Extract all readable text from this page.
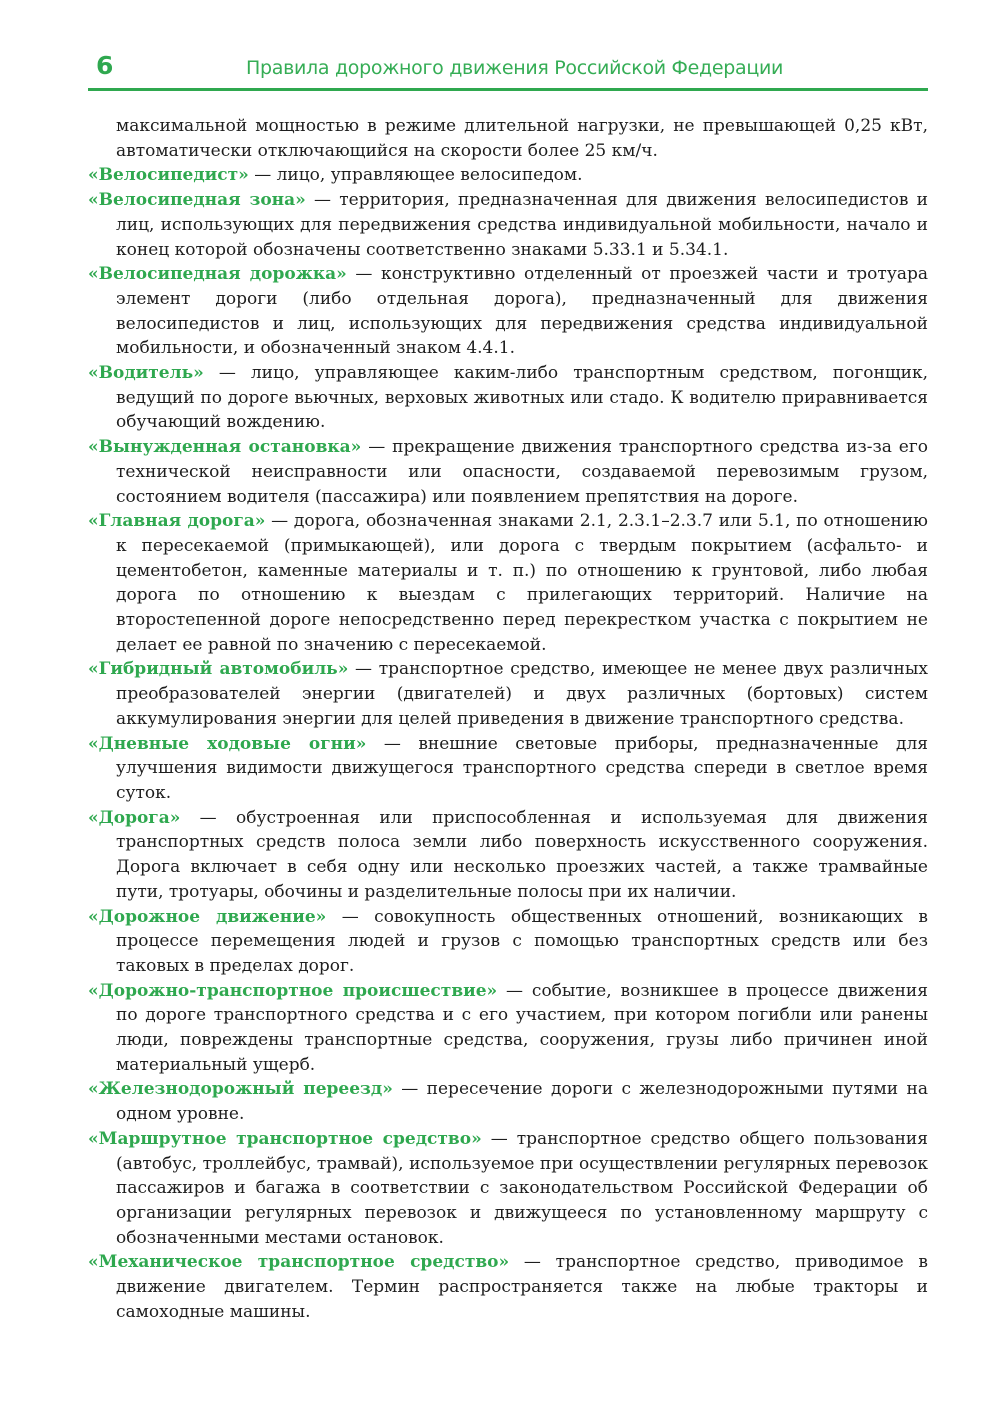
6	Правила дорожного движения Российской Федерации

максимальной мощностью в режиме длительной нагрузки, не превышающей 0,25 кВт, автоматически отключающийся на скорости более 25 км/ч.

«Велосипедист» — лицо, управляющее велосипедом.

«Велосипедная зона» — территория, предназначенная для движения велосипедистов и лиц, использующих для передвижения средства индивидуальной мобильности, начало и конец которой обозначены соответственно знаками 5.33.1 и 5.34.1.

«Велосипедная дорожка» — конструктивно отделенный от проезжей части и тротуара элемент дороги (либо отдельная дорога), предназначенный для движения велосипедистов и лиц, использующих для передвижения средства индивидуальной мобильности, и обозначенный знаком 4.4.1.

«Водитель» — лицо, управляющее каким-либо транспортным средством, погонщик, ведущий по дороге вьючных, верховых животных или стадо. К водителю приравнивается обучающий вождению.

«Вынужденная остановка» — прекращение движения транспортного средства из-за его технической неисправности или опасности, создаваемой перевозимым грузом, состоянием водителя (пассажира) или появлением препятствия на дороге.

«Главная дорога» — дорога, обозначенная знаками 2.1, 2.3.1–2.3.7 или 5.1, по отношению к пересекаемой (примыкающей), или дорога с твердым покрытием (асфальто- и цементобетон, каменные материалы и т. п.) по отношению к грунтовой, либо любая дорога по отношению к выездам с прилегающих территорий. Наличие на второстепенной дороге непосредственно перед перекрестком участка с покрытием не делает ее равной по значению с пересекаемой.

«Гибридный автомобиль» — транспортное средство, имеющее не менее двух различных преобразователей энергии (двигателей) и двух различных (бортовых) систем аккумулирования энергии для целей приведения в движение транспортного средства.

«Дневные ходовые огни» — внешние световые приборы, предназначенные для улучшения видимости движущегося транспортного средства спереди в светлое время суток.

«Дорога» — обустроенная или приспособленная и используемая для движения транспортных средств полоса земли либо поверхность искусственного сооружения. Дорога включает в себя одну или несколько проезжих частей, а также трамвайные пути, тротуары, обочины и разделительные полосы при их наличии.

«Дорожное движение» — совокупность общественных отношений, возникающих в процессе перемещения людей и грузов с помощью транспортных средств или без таковых в пределах дорог.

«Дорожно-транспортное происшествие» — событие, возникшее в процессе движения по дороге транспортного средства и с его участием, при котором погибли или ранены люди, повреждены транспортные средства, сооружения, грузы либо причинен иной материальный ущерб.

«Железнодорожный переезд» — пересечение дороги с железнодорожными путями на одном уровне.

«Маршрутное транспортное средство» — транспортное средство общего пользования (автобус, троллейбус, трамвай), используемое при осуществлении регулярных перевозок пассажиров и багажа в соответствии с законодательством Российской Федерации об организации регулярных перевозок и движущееся по установленному маршруту с обозначенными местами остановок.

«Механическое транспортное средство» — транспортное средство, приводимое в движение двигателем. Термин распространяется также на любые тракторы и самоходные машины.
